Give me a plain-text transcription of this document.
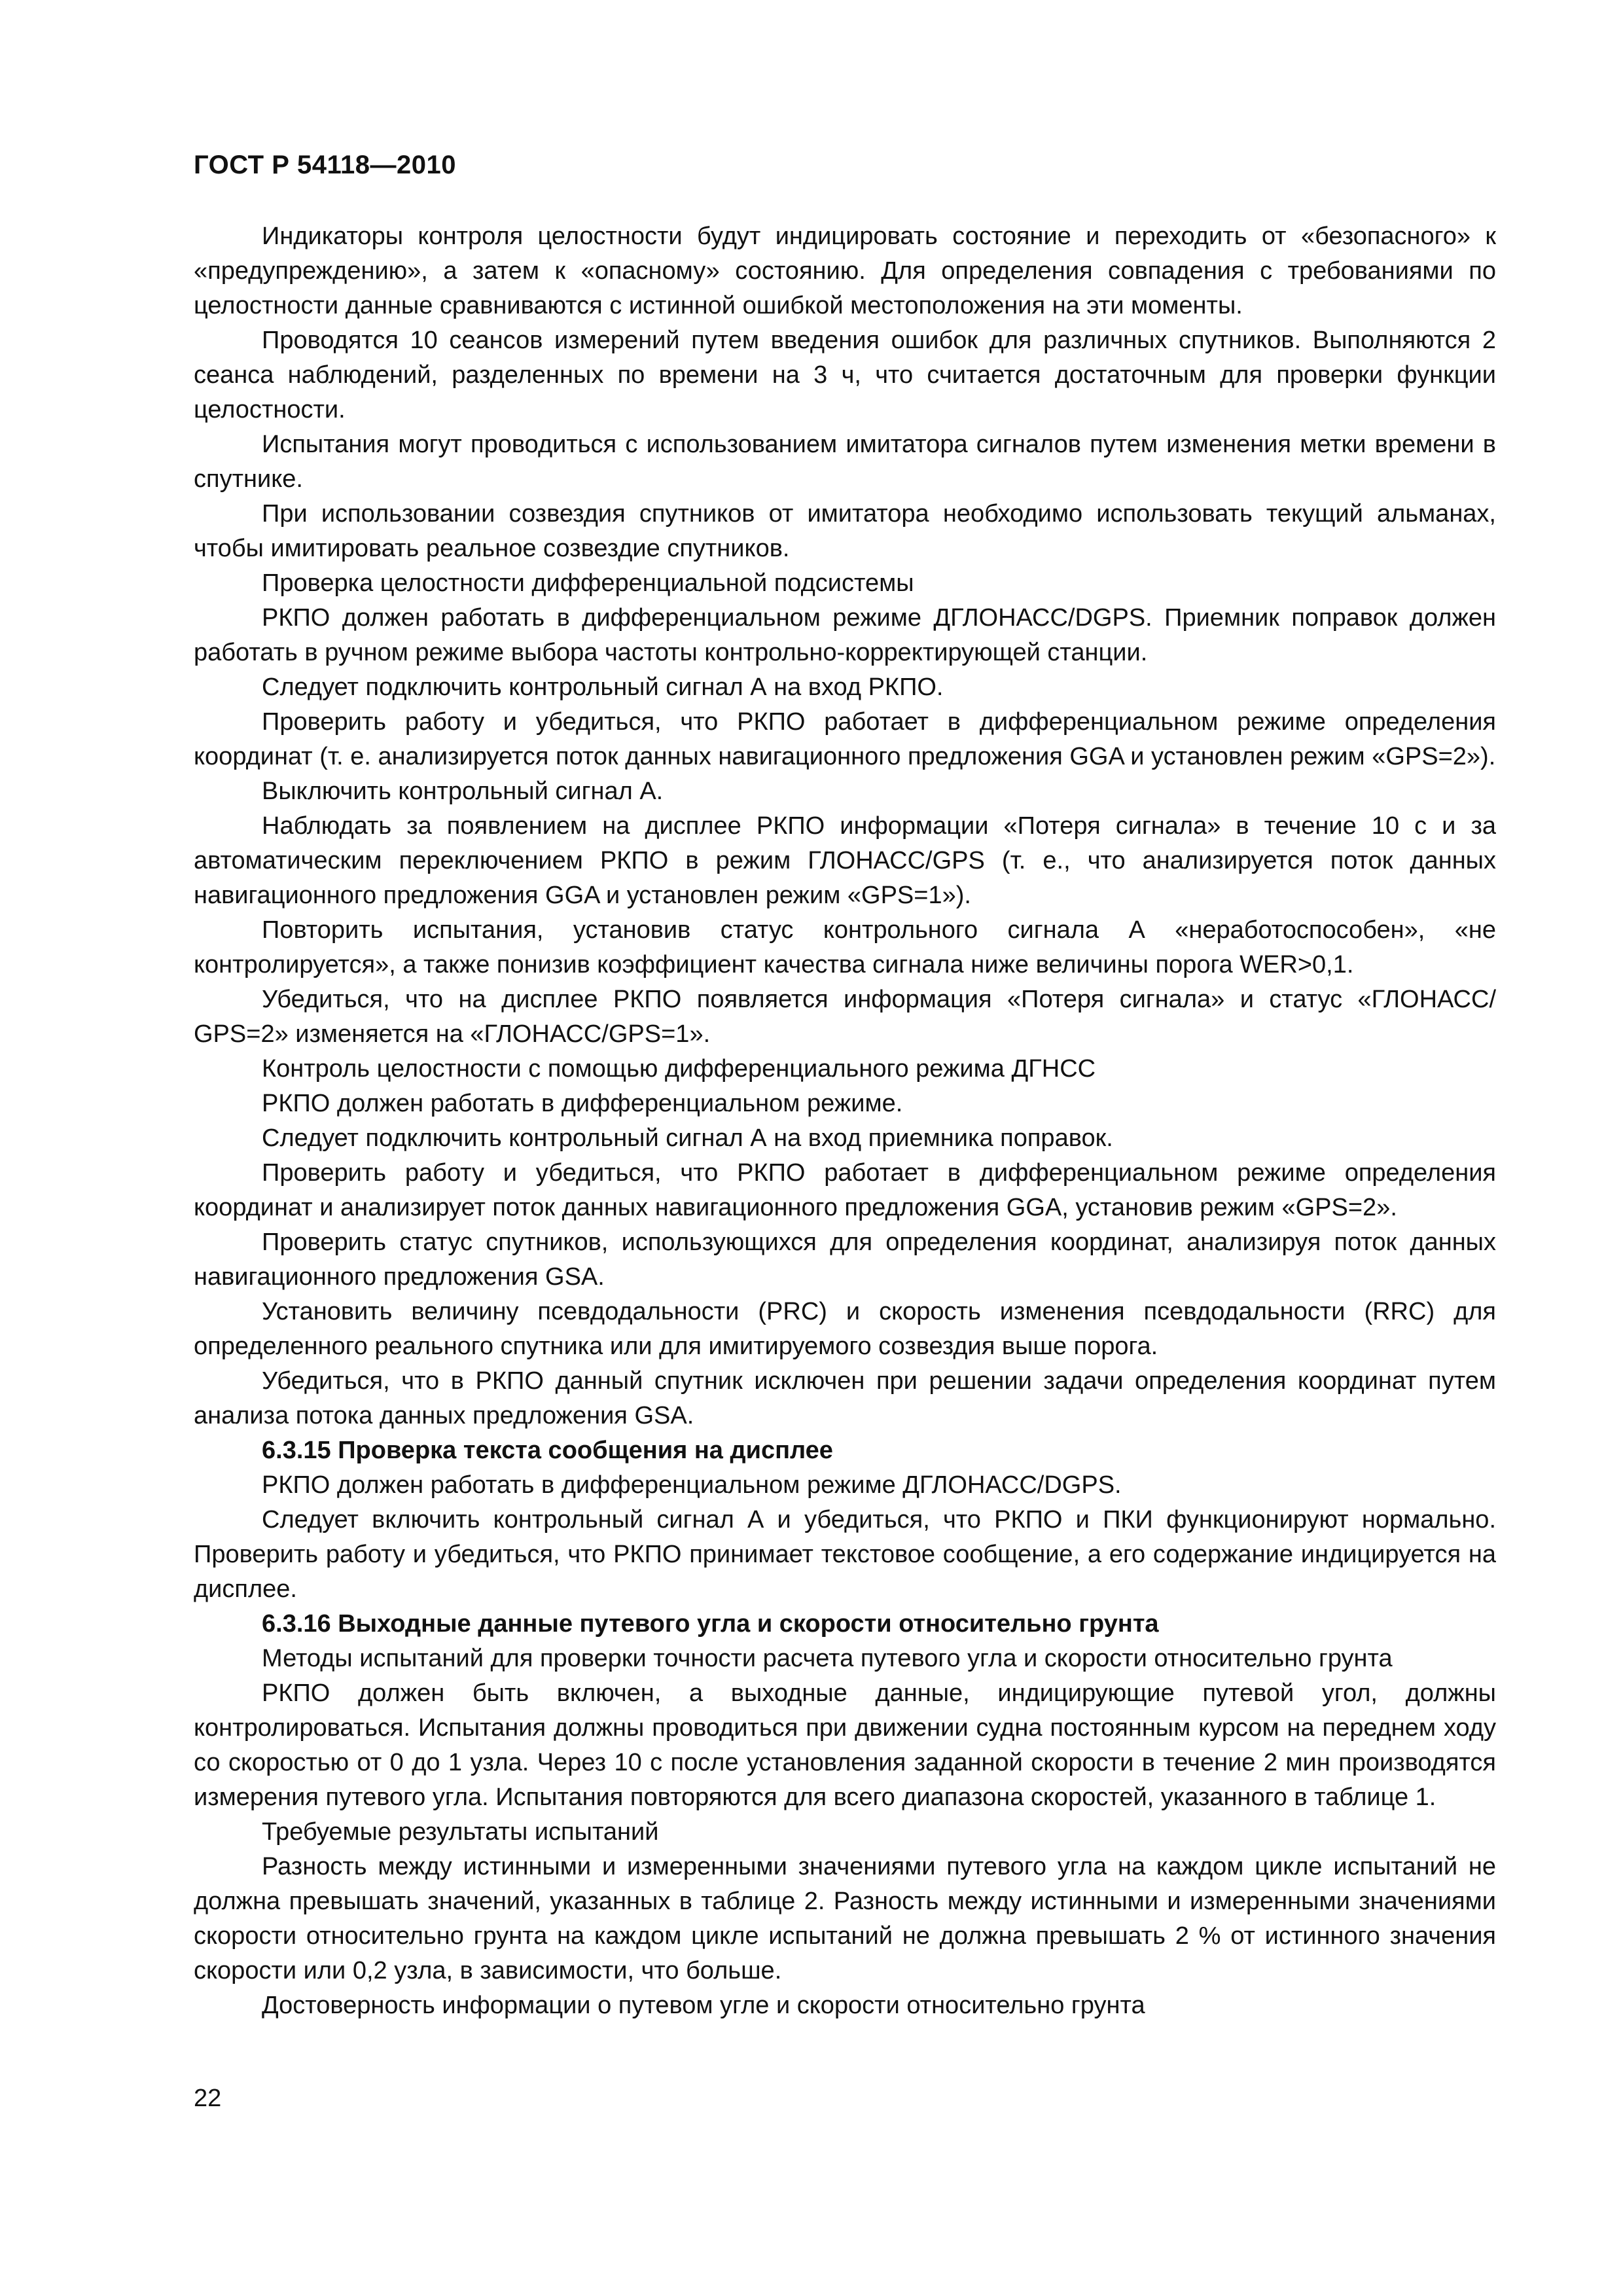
ГОСТ Р 54118—2010

Индикаторы контроля целостности будут индицировать состояние и переходить от «безопасного» к «предупреждению», а затем к «опасному» состоянию. Для определения совпадения с требованиями по целостности данные сравниваются с истинной ошибкой местоположения на эти моменты.

Проводятся 10 сеансов измерений путем введения ошибок для различных спутников. Выполняются 2 сеанса наблюдений, разделенных по времени на 3 ч, что считается достаточным для проверки функции целостности.

Испытания могут проводиться с использованием имитатора сигналов путем изменения метки времени в спутнике.

При использовании созвездия спутников от имитатора необходимо использовать текущий альманах, чтобы имитировать реальное созвездие спутников.

Проверка целостности дифференциальной подсистемы

РКПО должен работать в дифференциальном режиме ДГЛОНАСС/DGPS. Приемник поправок должен работать в ручном режиме выбора частоты контрольно-корректирующей станции.

Следует подключить контрольный сигнал А на вход РКПО.

Проверить работу и убедиться, что РКПО работает в дифференциальном режиме определения координат (т. е. анализируется поток данных навигационного предложения GGA и установлен режим «GPS=2»).

Выключить контрольный сигнал А.

Наблюдать за появлением на дисплее РКПО информации «Потеря сигнала» в течение 10 с и за автоматическим переключением РКПО в режим ГЛОНАСС/GPS (т. е., что анализируется поток данных навигационного предложения GGA и установлен режим «GPS=1»).

Повторить испытания, установив статус контрольного сигнала А «неработоспособен», «не контролируется», а также понизив коэффициент качества сигнала ниже величины порога WER>0,1.

Убедиться, что на дисплее РКПО появляется информация «Потеря сигнала» и статус «ГЛОНАСС/ GPS=2» изменяется на «ГЛОНАСС/GPS=1».

Контроль целостности с помощью дифференциального режима ДГНСС

РКПО должен работать в дифференциальном режиме.

Следует подключить контрольный сигнал А на вход приемника поправок.

Проверить работу и убедиться, что РКПО работает в дифференциальном режиме определения координат и анализирует поток данных навигационного предложения GGA, установив режим «GPS=2».

Проверить статус спутников, использующихся для определения координат, анализируя поток данных навигационного предложения GSA.

Установить величину псевдодальности (PRC) и скорость изменения псевдодальности (RRC) для определенного реального спутника или для имитируемого созвездия выше порога.

Убедиться, что в РКПО данный спутник исключен при решении задачи определения координат путем анализа потока данных предложения GSA.

6.3.15 Проверка текста сообщения на дисплее

РКПО должен работать в дифференциальном режиме ДГЛОНАСС/DGPS.

Следует включить контрольный сигнал А и убедиться, что РКПО и ПКИ функционируют нормально. Проверить работу и убедиться, что РКПО принимает текстовое сообщение, а его содержание индицируется на дисплее.

6.3.16 Выходные данные путевого угла и скорости относительно грунта

Методы испытаний для проверки точности расчета путевого угла и скорости относительно грунта

РКПО должен быть включен, а выходные данные, индицирующие путевой угол, должны контролироваться. Испытания должны проводиться при движении судна постоянным курсом на переднем ходу со скоростью от 0 до 1 узла. Через 10 с после установления заданной скорости в течение 2 мин производятся измерения путевого угла. Испытания повторяются для всего диапазона скоростей, указанного в таблице 1.

Требуемые результаты испытаний

Разность между истинными и измеренными значениями путевого угла на каждом цикле испытаний не должна превышать значений, указанных в таблице 2. Разность между истинными и измеренными значениями скорости относительно грунта на каждом цикле испытаний не должна превышать 2 % от истинного значения скорости или 0,2 узла, в зависимости, что больше.

Достоверность информации о путевом угле и скорости относительно грунта

22
